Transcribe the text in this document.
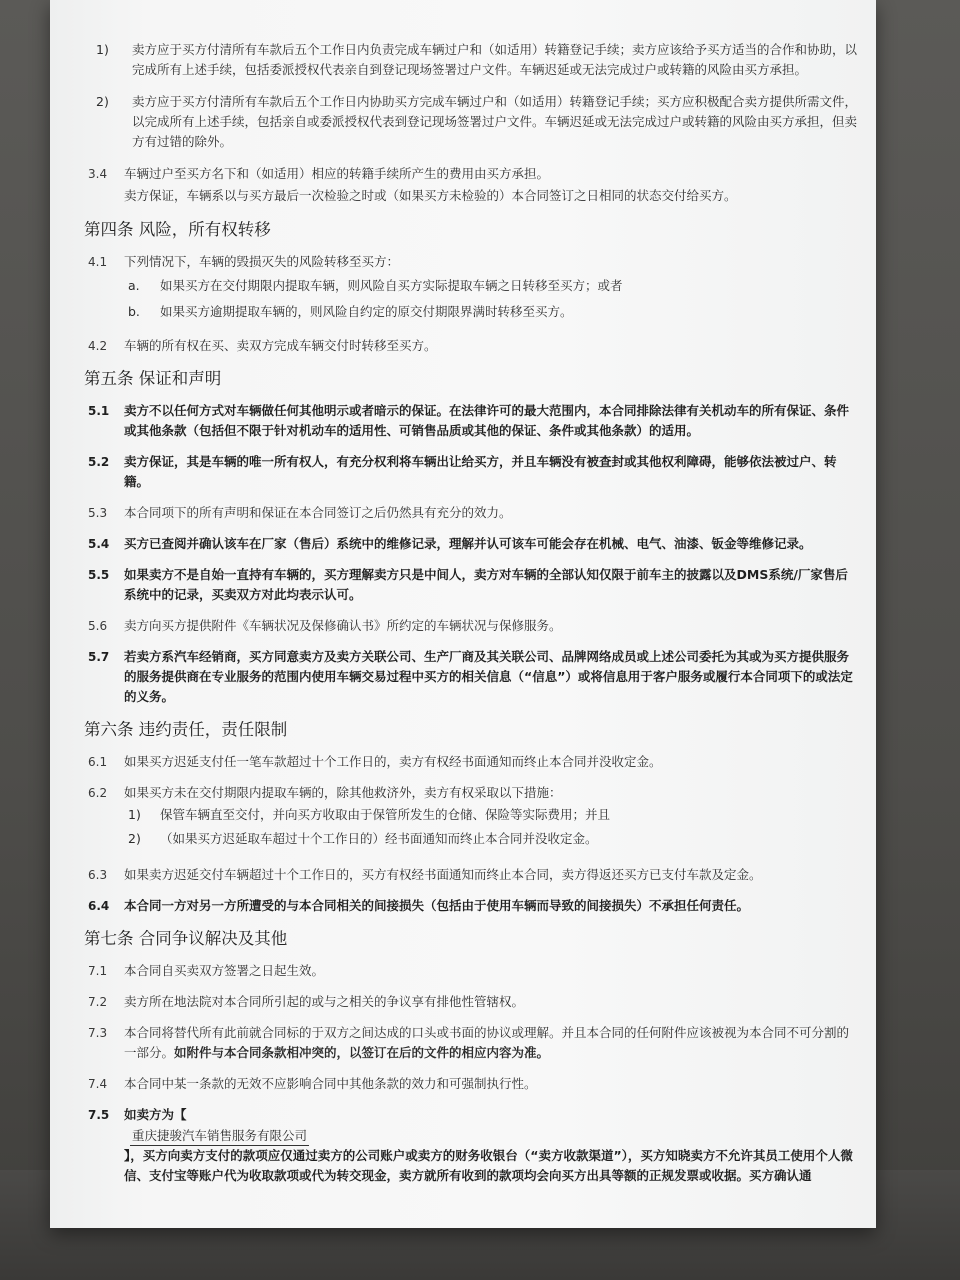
1)	卖方应于买方付清所有车款后五个工作日内负责完成车辆过户和（如适用）转籍登记手续；卖方应该给予买方适当的合作和协助，以完成所有上述手续，包括委派授权代表亲自到登记现场签署过户文件。车辆迟延或无法完成过户或转籍的风险由买方承担。
2)	卖方应于买方付清所有车款后五个工作日内协助买方完成车辆过户和（如适用）转籍登记手续；买方应积极配合卖方提供所需文件，以完成所有上述手续，包括亲自或委派授权代表到登记现场签署过户文件。车辆迟延或无法完成过户或转籍的风险由买方承担，但卖方有过错的除外。
3.4	车辆过户至买方名下和（如适用）相应的转籍手续所产生的费用由买方承担。
卖方保证，车辆系以与买方最后一次检验之时或（如果买方未检验的）本合同签订之日相同的状态交付给买方。
第四条 风险，所有权转移
4.1	下列情况下，车辆的毁损灭失的风险转移至买方：
a.	如果买方在交付期限内提取车辆，则风险自买方实际提取车辆之日转移至买方；或者
b.	如果买方逾期提取车辆的，则风险自约定的原交付期限界满时转移至买方。
4.2	车辆的所有权在买、卖双方完成车辆交付时转移至买方。
第五条 保证和声明
5.1	卖方不以任何方式对车辆做任何其他明示或者暗示的保证。在法律许可的最大范围内，本合同排除法律有关机动车的所有保证、条件或其他条款（包括但不限于针对机动车的适用性、可销售品质或其他的保证、条件或其他条款）的适用。
5.2	卖方保证，其是车辆的唯一所有权人，有充分权利将车辆出让给买方，并且车辆没有被查封或其他权利障碍，能够依法被过户、转籍。
5.3	本合同项下的所有声明和保证在本合同签订之后仍然具有充分的效力。
5.4	买方已查阅并确认该车在厂家（售后）系统中的维修记录，理解并认可该车可能会存在机械、电气、油漆、钣金等维修记录。
5.5	如果卖方不是自始一直持有车辆的，买方理解卖方只是中间人，卖方对车辆的全部认知仅限于前车主的披露以及DMS系统/厂家售后系统中的记录，买卖双方对此均表示认可。
5.6	卖方向买方提供附件《车辆状况及保修确认书》所约定的车辆状况与保修服务。
5.7	若卖方系汽车经销商，买方同意卖方及卖方关联公司、生产厂商及其关联公司、品牌网络成员或上述公司委托为其或为买方提供服务的服务提供商在专业服务的范围内使用车辆交易过程中买方的相关信息（“信息”）或将信息用于客户服务或履行本合同项下的或法定的义务。
第六条 违约责任，责任限制
6.1	如果买方迟延支付任一笔车款超过十个工作日的，卖方有权经书面通知而终止本合同并没收定金。
6.2	如果买方未在交付期限内提取车辆的，除其他救济外，卖方有权采取以下措施：
1)	保管车辆直至交付，并向买方收取由于保管所发生的仓储、保险等实际费用；并且
2)	（如果买方迟延取车超过十个工作日的）经书面通知而终止本合同并没收定金。
6.3	如果卖方迟延交付车辆超过十个工作日的，买方有权经书面通知而终止本合同，卖方得返还买方已支付车款及定金。
6.4	本合同一方对另一方所遭受的与本合同相关的间接损失（包括由于使用车辆而导致的间接损失）不承担任何责任。
第七条 合同争议解决及其他
7.1	本合同自买卖双方签署之日起生效。
7.2	卖方所在地法院对本合同所引起的或与之相关的争议享有排他性管辖权。
7.3	本合同将替代所有此前就合同标的于双方之间达成的口头或书面的协议或理解。并且本合同的任何附件应该被视为本合同不可分割的一部分。如附件与本合同条款相冲突的，以签订在后的文件的相应内容为准。
7.4	本合同中某一条款的无效不应影响合同中其他条款的效力和可强制执行性。
7.5	如卖方为【
重庆捷骏汽车销售服务有限公司
】，买方向卖方支付的款项应仅通过卖方的公司账户或卖方的财务收银台（“卖方收款渠道”），买方知晓卖方不允许其员工使用个人微信、支付宝等账户代为收取款项或代为转交现金，卖方就所有收到的款项均会向买方出具等额的正规发票或收据。买方确认通
